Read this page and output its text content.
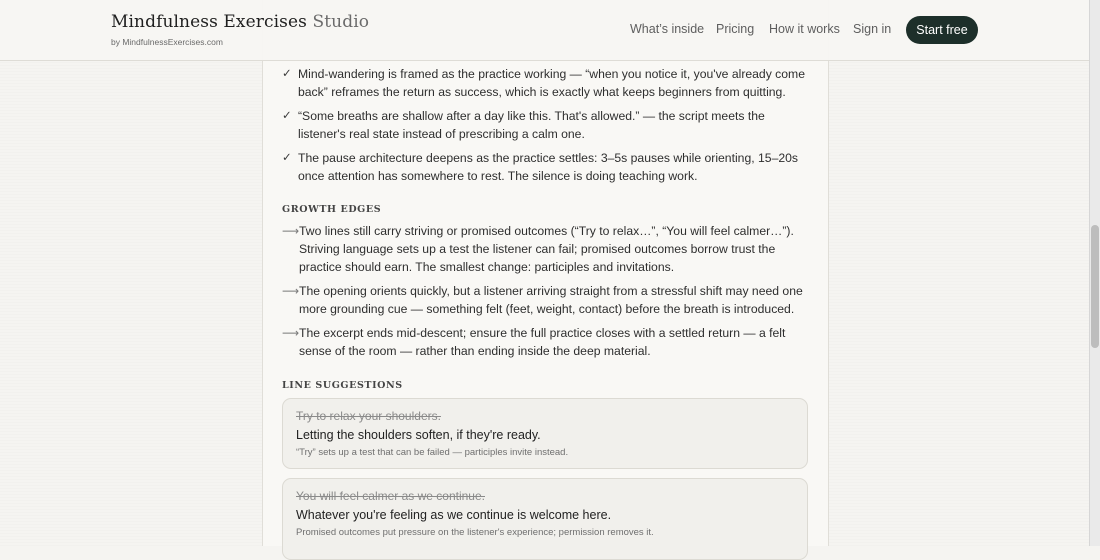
✓ Mind-wandering is framed as the practice working — “when you notice it, you've already come back” reframes the return as success, which is exactly what keeps beginners from quitting.
✓ “Some breaths are shallow after a day like this. That's allowed.” — the script meets the listener's real state instead of prescribing a calm one.
✓ The pause architecture deepens as the practice settles: 3–5s pauses while orienting, 15–20s once attention has somewhere to rest. The silence is doing teaching work.
GROWTH EDGES
⟶ Two lines still carry striving or promised outcomes (“Try to relax…”, “You will feel calmer…”). Striving language sets up a test the listener can fail; promised outcomes borrow trust the practice should earn. The smallest change: participles and invitations.
⟶ The opening orients quickly, but a listener arriving straight from a stressful shift may need one more grounding cue — something felt (feet, weight, contact) before the breath is introduced.
⟶ The excerpt ends mid-descent; ensure the full practice closes with a settled return — a felt sense of the room — rather than ending inside the deep material.
LINE SUGGESTIONS
Try to relax your shoulders.
Letting the shoulders soften, if they're ready.
“Try” sets up a test that can be failed — participles invite instead.
You will feel calmer as we continue.
Whatever you're feeling as we continue is welcome here.
Promised outcomes put pressure on the listener's experience; permission removes it.
Mindfulness Exercises Studio
by MindfulnessExercises.com
What’s inside Pricing How it works Sign in	Start free
